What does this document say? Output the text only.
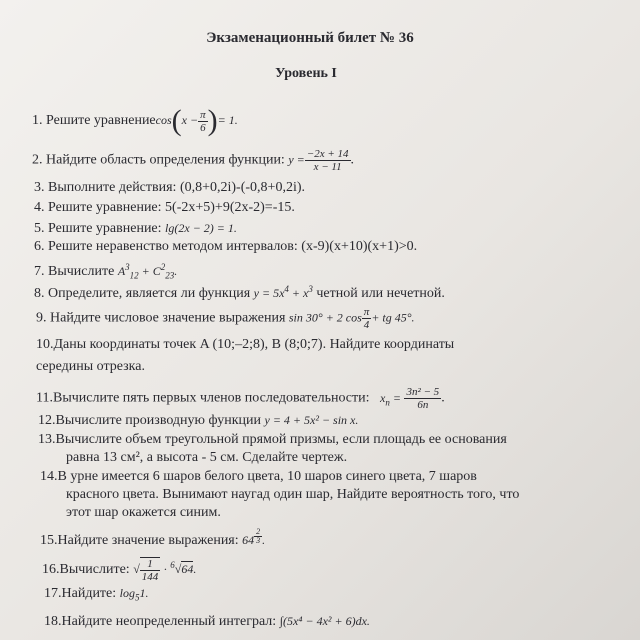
Экзаменационный билет № 36
Уровень I
1. Решите уравнениеcos(x − $\frac{\pi}{6}$ )= 1.
2. Найдите область определения функции: $y = \frac{-2x + 14}{x - 11}$ .
3. Выполните действия: (0,8+0,2i)-(-0,8+0,2i).
4. Решите уравнение: 5(-2x+5)+9(2x-2)=-15.
5. Решите уравнение: lg(2x − 2) = 1.
6. Решите неравенство методом интервалов: (x-9)(x+10)(x+1)>0.
7. Вычислите $A^3_{12} + C^2_{23}$.
8. Определите, является ли функция $y = 5x^4 + x^3$ четной или нечетной.
9. Найдите числовое значение выражения sin 30° + 2 $\cos \frac{\pi}{4}$ + tg 45°.
10.Даны координаты точек A (10;–2;8), B (8;0;7). Найдите координаты
середины отрезка.
11.Вычислите пять первых членов последовательности: $x_n = \frac{\text{3n² − 5}}{6n}$ .
12.Вычислите производную функции y = 4 + 5x² − sin x.
13.Вычислите объем треугольной прямой призмы, если площадь ее основания
равна 13 см², а высота - 5 см. Сделайте чертеж.
14.В урне имеется 6 шаров белого цвета, 10 шаров синего цвета, 7 шаров
красного цвета. Вынимают наугад один шар, Найдите вероятность того, что
этот шар окажется синим.
15.Найдите значение выражения: 64 $^{\frac{2}{3}}$ .
16.Вычислите: √ $\frac{1}{144} \cdot ^6√64$.
17.Найдите: $\log_51$.
18.Найдите неопределенный интеграл: ∫(5x⁴ − 4x² + 6)dx.
